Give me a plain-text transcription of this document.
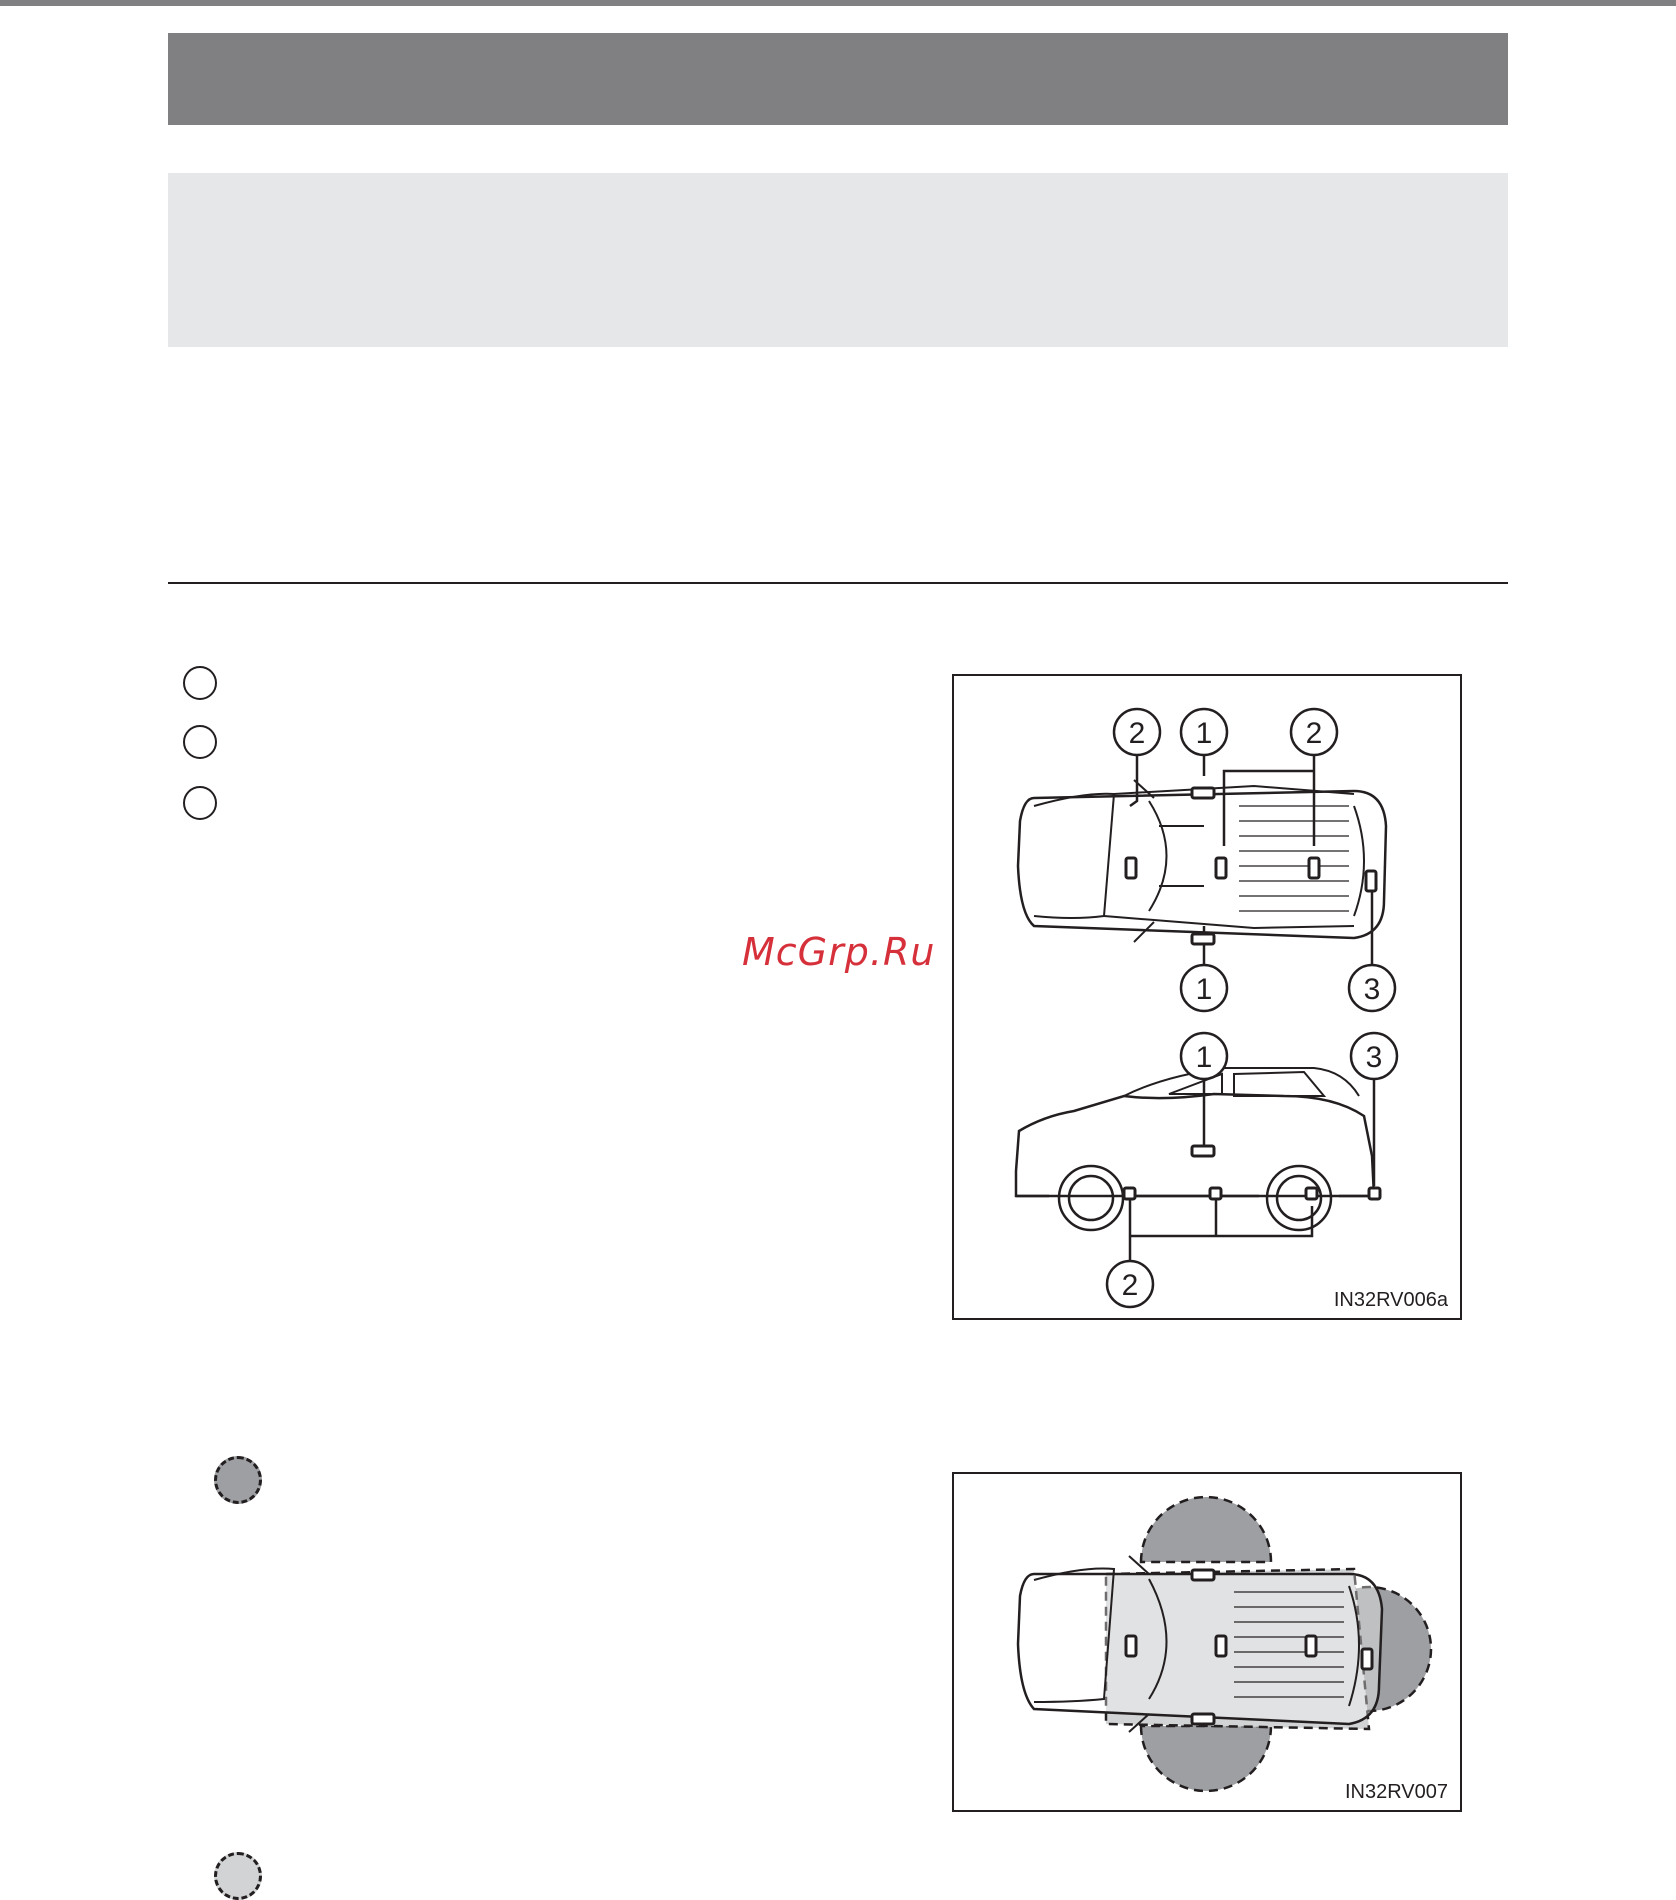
McGrp.Ru
2 1	2
1	3
1	3
2	IN32RV006a
IN32RV007
